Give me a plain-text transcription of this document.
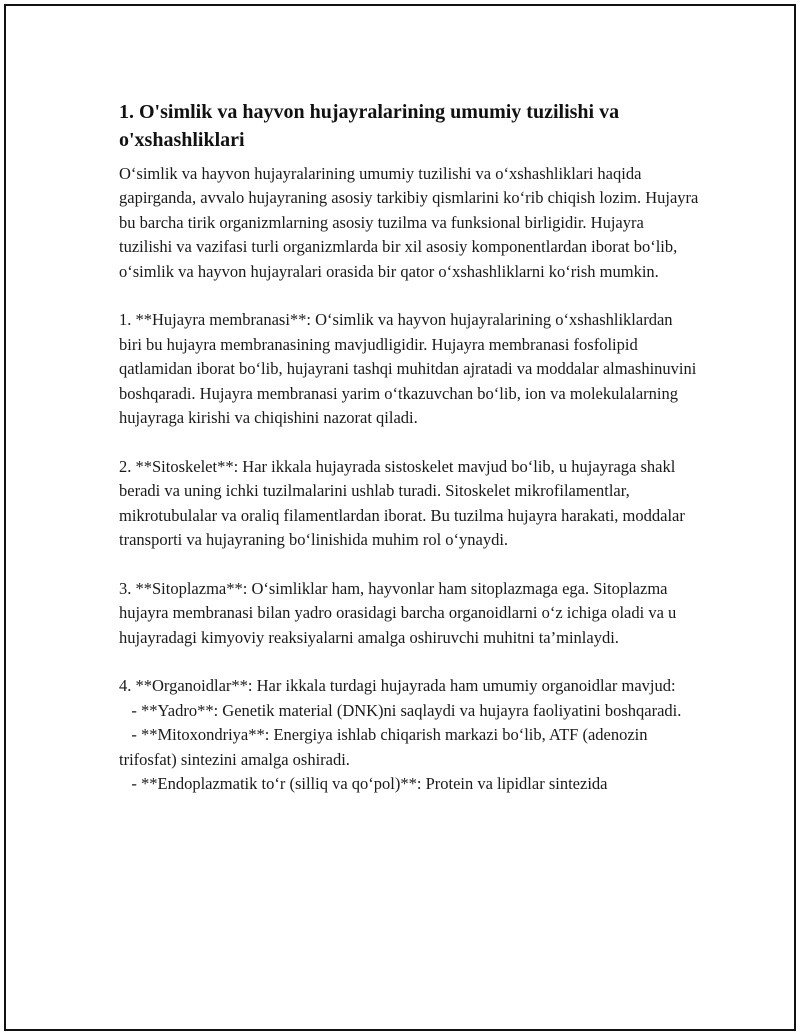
1. O'simlik va hayvon hujayralarining umumiy tuzilishi va o'xshashliklari

O‘simlik va hayvon hujayralarining umumiy tuzilishi va o‘xshashliklari haqida gapirganda, avvalo hujayraning asosiy tarkibiy qismlarini ko‘rib chiqish lozim. Hujayra bu barcha tirik organizmlarning asosiy tuzilma va funksional birligidir. Hujayra tuzilishi va vazifasi turli organizmlarda bir xil asosiy komponentlardan iborat bo‘lib, o‘simlik va hayvon hujayralari orasida bir qator o‘xshashliklarni ko‘rish mumkin.

1. **Hujayra membranasi**: O‘simlik va hayvon hujayralarining o‘xshashliklardan biri bu hujayra membranasining mavjudligidir. Hujayra membranasi fosfolipid qatlamidan iborat bo‘lib, hujayrani tashqi muhitdan ajratadi va moddalar almashinuvini boshqaradi. Hujayra membranasi yarim o‘tkazuvchan bo‘lib, ion va molekulalarning hujayraga kirishi va chiqishini nazorat qiladi.

2. **Sitoskelet**: Har ikkala hujayrada sistoskelet mavjud bo‘lib, u hujayraga shakl beradi va uning ichki tuzilmalarini ushlab turadi. Sitoskelet mikrofilamentlar, mikrotubulalar va oraliq filamentlardan iborat. Bu tuzilma hujayra harakati, moddalar transporti va hujayraning bo‘linishida muhim rol o‘ynaydi.

3. **Sitoplazma**: O‘simliklar ham, hayvonlar ham sitoplazmaga ega. Sitoplazma hujayra membranasi bilan yadro orasidagi barcha organoidlarni o‘z ichiga oladi va u hujayradagi kimyoviy reaksiyalarni amalga oshiruvchi muhitni ta’minlaydi.

4. **Organoidlar**: Har ikkala turdagi hujayrada ham umumiy organoidlar mavjud:

- **Yadro**: Genetik material (DNK)ni saqlaydi va hujayra faoliyatini boshqaradi.

- **Mitoxondriya**: Energiya ishlab chiqarish markazi bo‘lib, ATF (adenozin trifosfat) sintezini amalga oshiradi.

- **Endoplazmatik to‘r (silliq va qo‘pol)**: Protein va lipidlar sintezida
